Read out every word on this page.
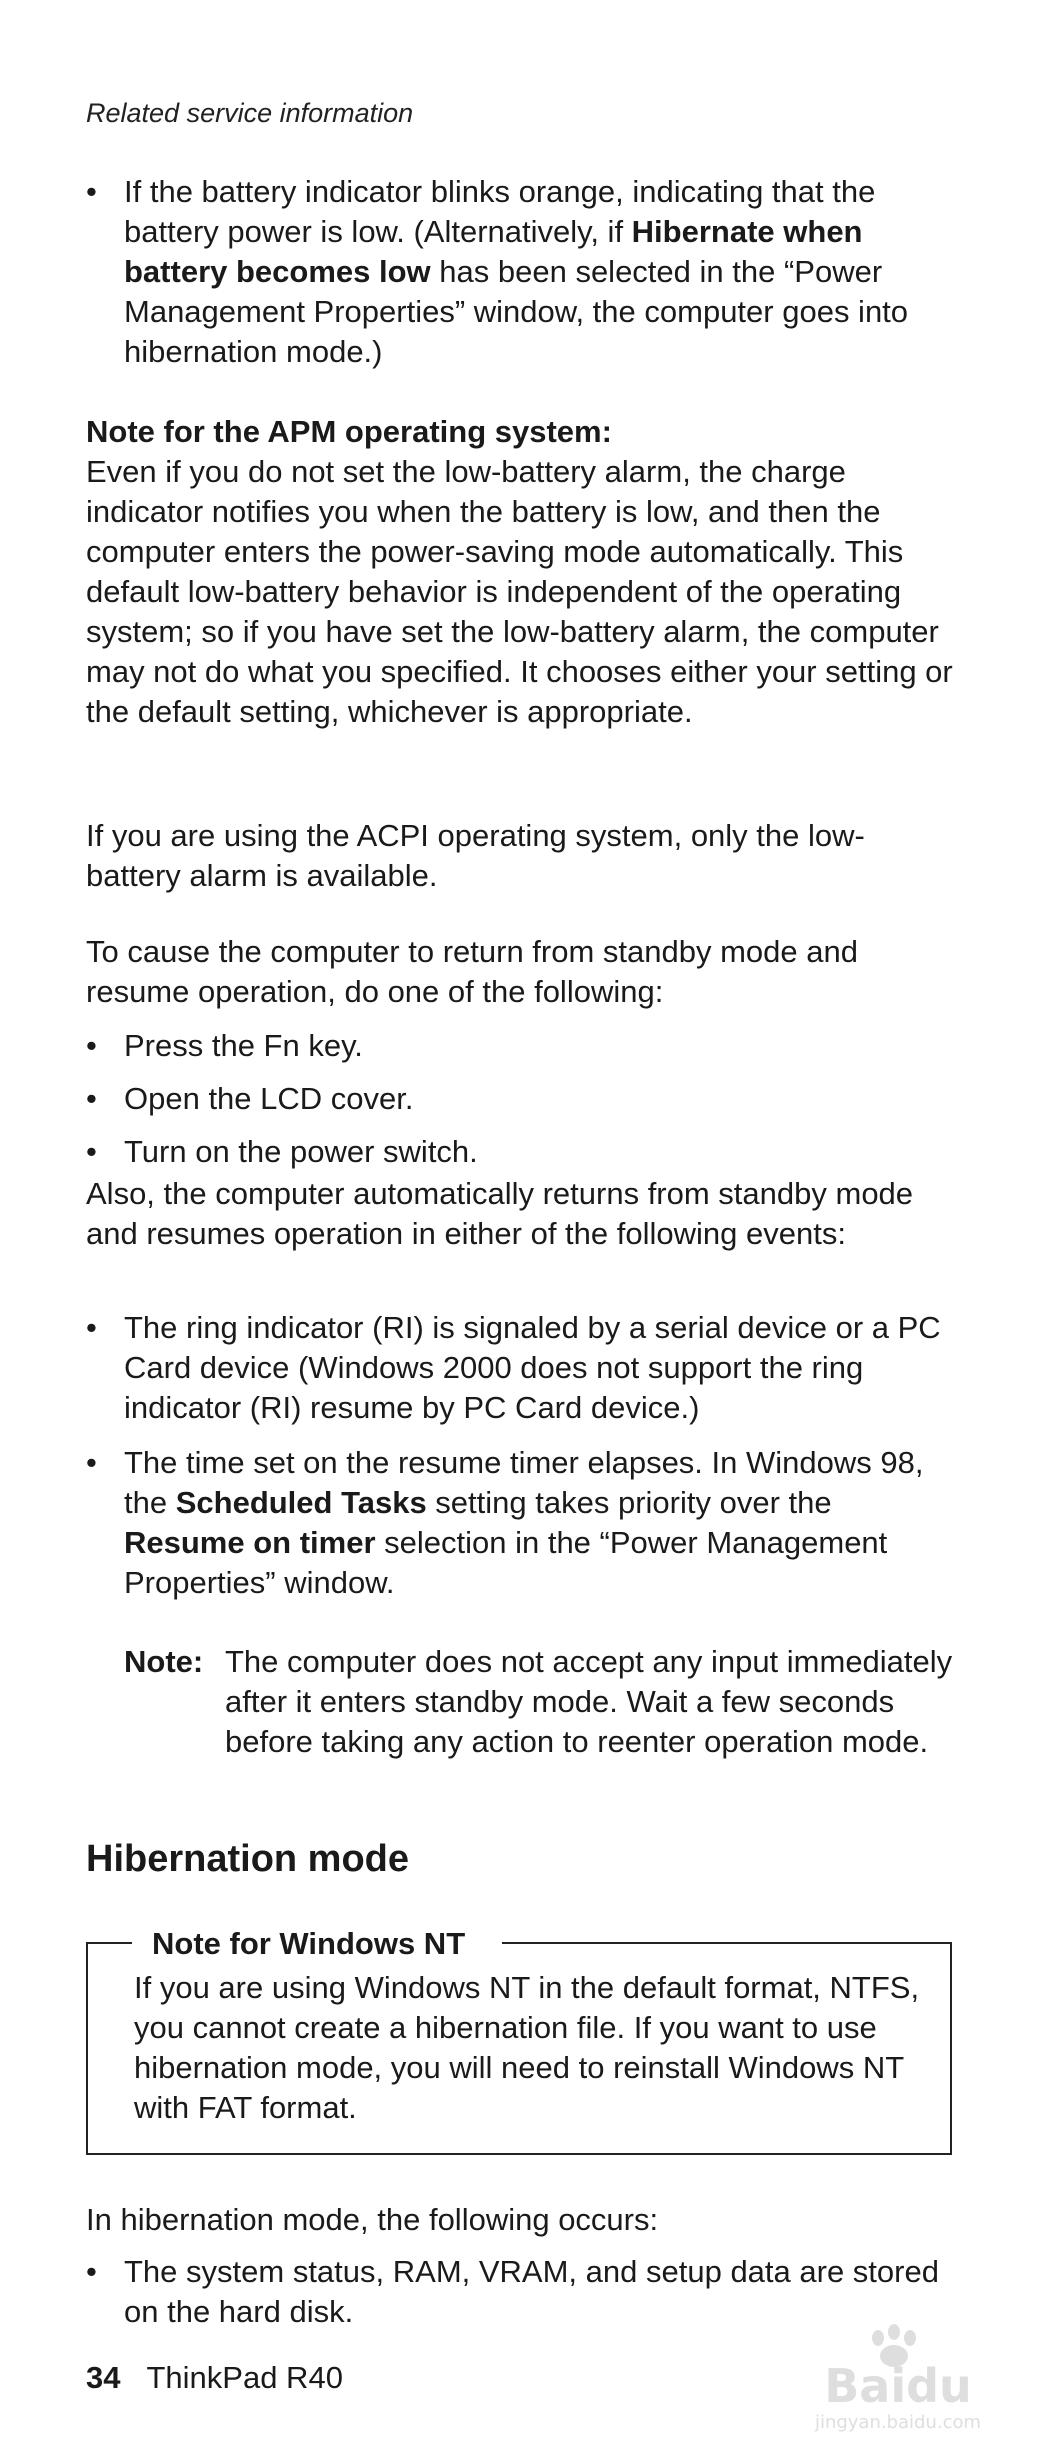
Related service information
• If the battery indicator blinks orange, indicating that the battery power is low. (Alternatively, if Hibernate when battery becomes low has been selected in the “Power Management Properties” window, the computer goes into hibernation mode.)

Note for the APM operating system:

Even if you do not set the low-battery alarm, the charge indicator notifies you when the battery is low, and then the computer enters the power-saving mode automatically. This default low-battery behavior is independent of the operating system; so if you have set the low-battery alarm, the computer may not do what you specified. It chooses either your setting or the default setting, whichever is appropriate.

If you are using the ACPI operating system, only the low-battery alarm is available.

To cause the computer to return from standby mode and resume operation, do one of the following:

• Press the Fn key.
• Open the LCD cover.
• Turn on the power switch.

Also, the computer automatically returns from standby mode and resumes operation in either of the following events:

• The ring indicator (RI) is signaled by a serial device or a PC Card device (Windows 2000 does not support the ring indicator (RI) resume by PC Card device.)
• The time set on the resume timer elapses. In Windows 98, the Scheduled Tasks setting takes priority over the Resume on timer selection in the “Power Management Properties” window.
Note: The computer does not accept any input immediately after it enters standby mode. Wait a few seconds before taking any action to reenter operation mode.
Hibernation mode
Note for Windows NT
If you are using Windows NT in the default format, NTFS, you cannot create a hibernation file. If you want to use hibernation mode, you will need to reinstall Windows NT with FAT format.

In hibernation mode, the following occurs:

• The system status, RAM, VRAM, and setup data are stored on the hard disk.
34 ThinkPad R40	Baidu
jingyan.baidu.com
